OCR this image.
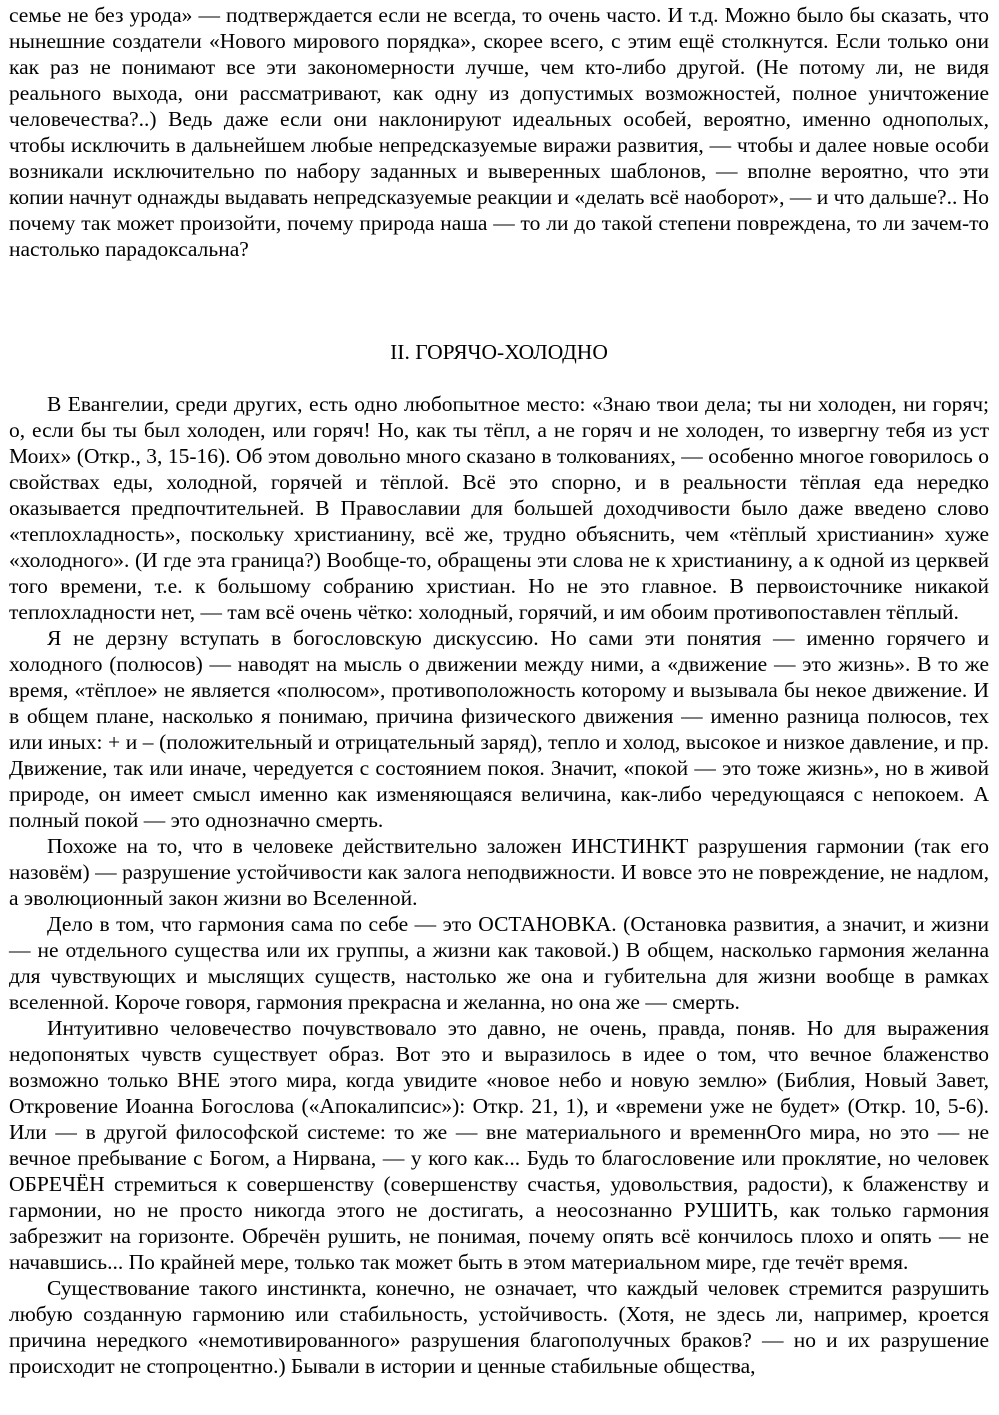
семье не без урода» — подтверждается если не всегда, то очень часто. И т.д. Можно было бы сказать, что нынешние создатели «Нового мирового порядка», скорее всего, с этим ещё столкнутся. Если только они как раз не понимают все эти закономерности лучше, чем кто-либо другой. (Не потому ли, не видя реального выхода, они рассматривают, как одну из допустимых возможностей, полное уничтожение человечества?..) Ведь даже если они наклонируют идеальных особей, вероятно, именно однополых, чтобы исключить в дальнейшем любые непредсказуемые виражи развития, — чтобы и далее новые особи возникали исключительно по набору заданных и выверенных шаблонов, — вполне вероятно, что эти копии начнут однажды выдавать непредсказуемые реакции и «делать всё наоборот», — и что дальше?.. Но почему так может произойти, почему природа наша — то ли до такой степени повреждена, то ли зачем-то настолько парадоксальна?

II. ГОРЯЧО-ХОЛОДНО

В Евангелии, среди других, есть одно любопытное место: «Знаю твои дела; ты ни холоден, ни горяч; о, если бы ты был холоден, или горяч! Но, как ты тёпл, а не горяч и не холоден, то извергну тебя из уст Моих» (Откр., 3, 15-16). Об этом довольно много сказано в толкованиях, — особенно многое говорилось о свойствах еды, холодной, горячей и тёплой. Всё это спорно, и в реальности тёплая еда нередко оказывается предпочтительней. В Православии для большей доходчивости было даже введено слово «теплохладность», поскольку христианину, всё же, трудно объяснить, чем «тёплый христианин» хуже «холодного». (И где эта граница?) Вообще-то, обращены эти слова не к христианину, а к одной из церквей того времени, т.е. к большому собранию христиан. Но не это главное. В первоисточнике никакой теплохладности нет, — там всё очень чётко: холодный, горячий, и им обоим противопоставлен тёплый.

Я не дерзну вступать в богословскую дискуссию. Но сами эти понятия — именно горячего и холодного (полюсов) — наводят на мысль о движении между ними, а «движение — это жизнь». В то же время, «тёплое» не является «полюсом», противоположность которому и вызывала бы некое движение. И в общем плане, насколько я понимаю, причина физического движения — именно разница полюсов, тех или иных: + и – (положительный и отрицательный заряд), тепло и холод, высокое и низкое давление, и пр. Движение, так или иначе, чередуется с состоянием покоя. Значит, «покой — это тоже жизнь», но в живой природе, он имеет смысл именно как изменяющаяся величина, как-либо чередующаяся с непокоем. А полный покой — это однозначно смерть.

Похоже на то, что в человеке действительно заложен ИНСТИНКТ разрушения гармонии (так его назовём) — разрушение устойчивости как залога неподвижности. И вовсе это не повреждение, не надлом, а эволюционный закон жизни во Вселенной.

Дело в том, что гармония сама по себе — это ОСТАНОВКА. (Остановка развития, а значит, и жизни — не отдельного существа или их группы, а жизни как таковой.) В общем, насколько гармония желанна для чувствующих и мыслящих существ, настолько же она и губительна для жизни вообще в рамках вселенной. Короче говоря, гармония прекрасна и желанна, но она же — смерть.

Интуитивно человечество почувствовало это давно, не очень, правда, поняв. Но для выражения недопонятых чувств существует образ. Вот это и выразилось в идее о том, что вечное блаженство возможно только ВНЕ этого мира, когда увидите «новое небо и новую землю» (Библия, Новый Завет, Откровение Иоанна Богослова («Апокалипсис»): Откр. 21, 1), и «времени уже не будет» (Откр. 10, 5-6). Или — в другой философской системе: то же — вне материального и временнОго мира, но это — не вечное пребывание с Богом, а Нирвана, — у кого как... Будь то благословение или проклятие, но человек ОБРЕЧЁН стремиться к совершенству (совершенству счастья, удовольствия, радости), к блаженству и гармонии, но не просто никогда этого не достигать, а неосознанно РУШИТЬ, как только гармония забрезжит на горизонте. Обречён рушить, не понимая, почему опять всё кончилось плохо и опять — не начавшись... По крайней мере, только так может быть в этом материальном мире, где течёт время.

Существование такого инстинкта, конечно, не означает, что каждый человек стремится разрушить любую созданную гармонию или стабильность, устойчивость. (Хотя, не здесь ли, например, кроется причина нередкого «немотивированного» разрушения благополучных браков? — но и их разрушение происходит не стопроцентно.) Бывали в истории и ценные стабильные общества,
